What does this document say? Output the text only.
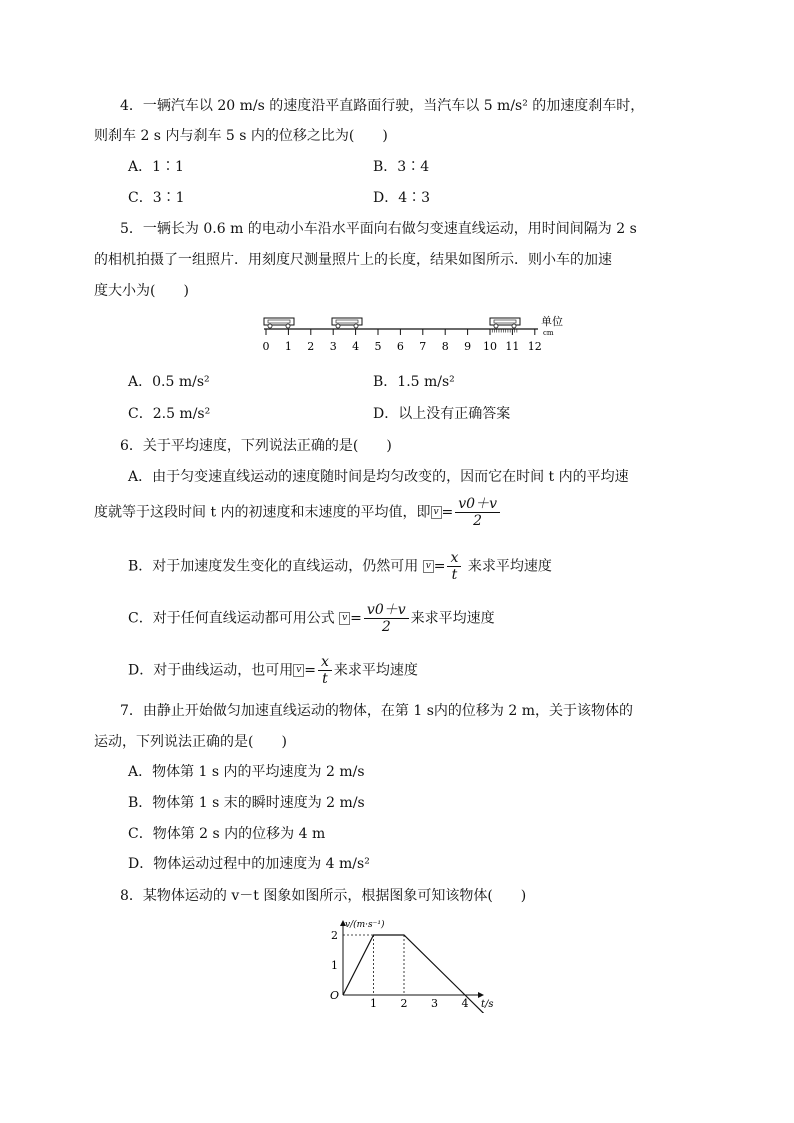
4．一辆汽车以 20 m/s 的速度沿平直路面行驶，当汽车以 5 m/s² 的加速度刹车时，
则刹车 2 s 内与刹车 5 s 内的位移之比为(　　)
A．1∶1	B．3∶4
C．3∶1	D．4∶3
5．一辆长为 0.6 m 的电动小车沿水平面向右做匀变速直线运动，用时间间隔为 2 s
的相机拍摄了一组照片．用刻度尺测量照片上的长度，结果如图所示．则小车的加速
度大小为(　　)
0 1 2 3 4 5 6 7 8 9 10 11 12
单位
cm
A．0.5 m/s²	B．1.5 m/s²
C．2.5 m/s²	D．以上没有正确答案
6．关于平均速度，下列说法正确的是(　　)
A．由于匀变速直线运动的速度随时间是均匀改变的，因而它在时间 t 内的平均速
度就等于这段时间 t 内的初速度和末速度的平均值，即 $v = \frac{v0+v}{2}$
B．对于加速度发生变化的直线运动，仍然可用 $v = \frac{x}{t}$ 来求平均速度
C．对于任何直线运动都可用公式 $v = \frac{v0+v}{2}$ 来求平均速度
D．对于曲线运动，也可用 $v = \frac{x}{t}$ 来求平均速度
7．由静止开始做匀加速直线运动的物体，在第 1 s内的位移为 2 m，关于该物体的
运动，下列说法正确的是(　　)
A．物体第 1 s 内的平均速度为 2 m/s
B．物体第 1 s 末的瞬时速度为 2 m/s
C．物体第 2 s 内的位移为 4 m
D．物体运动过程中的加速度为 4 m/s²
8．某物体运动的 v－t 图象如图所示，根据图象可知该物体(　　)
v/(m·s⁻¹)
t/s
O
1 2 3 4
1
2
